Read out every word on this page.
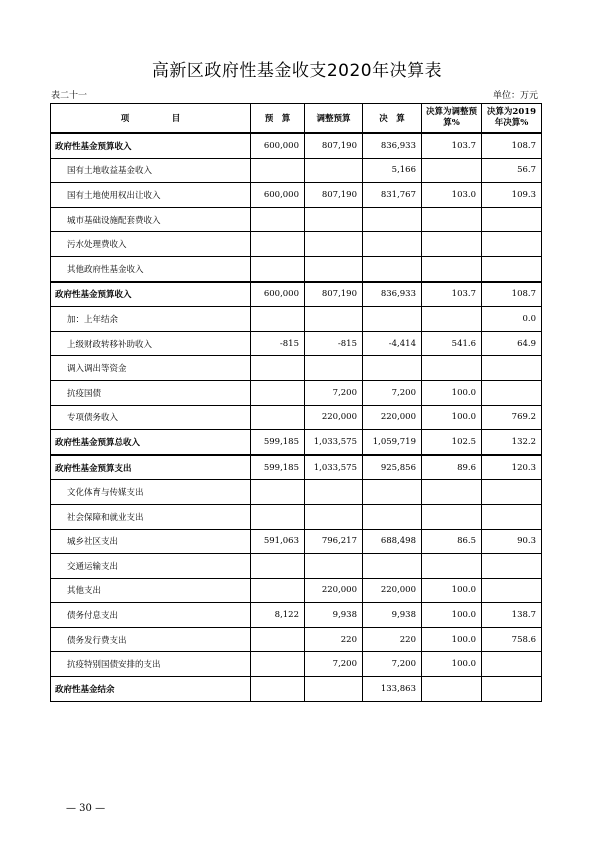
高新区政府性基金收支2020年决算表
表二十一	单位：万元
项　　　　　目	预　算	调整预算	决　算	决算为调整预算%	决算为2019年决算%
政府性基金预算收入	600,000	807,190	836,933	103.7	108.7
国有土地收益基金收入			5,166		56.7
国有土地使用权出让收入	600,000	807,190	831,767	103.0	109.3
城市基础设施配套费收入					
污水处理费收入					
其他政府性基金收入					
政府性基金预算收入	600,000	807,190	836,933	103.7	108.7
加：上年结余					0.0
上级财政转移补助收入	-815	-815	-4,414	541.6	64.9
调入调出等资金					
抗疫国债		7,200	7,200	100.0	
专项债务收入		220,000	220,000	100.0	769.2
政府性基金预算总收入	599,185	1,033,575	1,059,719	102.5	132.2
政府性基金预算支出	599,185	1,033,575	925,856	89.6	120.3
文化体育与传媒支出					
社会保障和就业支出					
城乡社区支出	591,063	796,217	688,498	86.5	90.3
交通运输支出					
其他支出		220,000	220,000	100.0	
债务付息支出	8,122	9,938	9,938	100.0	138.7
债务发行费支出		220	220	100.0	758.6
抗疫特别国债安排的支出		7,200	7,200	100.0	
政府性基金结余			133,863		
— 30 —
